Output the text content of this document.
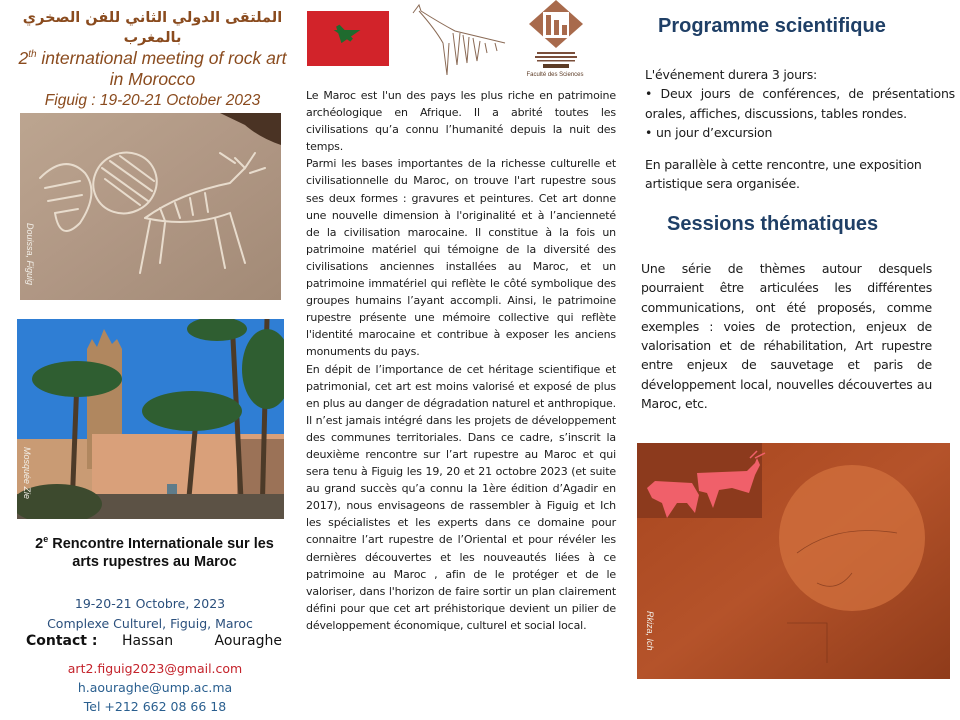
الملتقى الدولي الثاني للفن الصخري بالمغرب
2th international meeting of rock art
in Morocco
Figuig : 19-20-21 October 2023
Douissa, Figuig
Mosquée Zie
2e Rencontre Internationale sur les
arts rupestres au Maroc
19-20-21 Octobre, 2023
Complexe Culturel, Figuig, Maroc
Contact :	Hassan	Aouraghe
art2.figuig2023@gmail.com
h.aouraghe@ump.ac.ma
Tel +212 662 08 66 18
Faculté des Sciences

Le Maroc est l'un des pays les plus riche en patrimoine archéologique en Afrique. Il a abrité toutes les civilisations qu’a connu l’humanité depuis la nuit des temps.

Parmi les bases importantes de la richesse culturelle et civilisationnelle du Maroc, on trouve l'art rupestre sous ses deux formes : gravures et peintures. Cet art donne une nouvelle dimension à l'originalité et à l’ancienneté de la civilisation marocaine. Il constitue à la fois un patrimoine matériel qui témoigne de la diversité des civilisations anciennes installées au Maroc, et un patrimoine immatériel qui reflète le côté symbolique des groupes humains l’ayant accompli. Ainsi, le patrimoine rupestre présente une mémoire collective qui reflète l'identité marocaine et contribue à exposer les anciens monuments du pays.

En dépit de l’importance de cet héritage scientifique et patrimonial, cet art est moins valorisé et exposé de plus en plus au danger de dégradation naturel et anthropique. Il n’est jamais intégré dans les projets de développement des communes territoriales. Dans ce cadre, s’inscrit la deuxième rencontre sur l’art rupestre au Maroc et qui sera tenu à Figuig les 19, 20 et 21 octobre 2023 (et suite au grand succès qu’a connu la 1ère édition d’Agadir en 2017), nous envisageons de rassembler à Figuig et Ich les spécialistes et les experts dans ce domaine pour connaitre l’art rupestre de l’Oriental et pour révéler les dernières découvertes et les nouveautés liées à ce patrimoine au Maroc , afin de le protéger et de le valoriser, dans l'horizon de faire sortir un plan clairement défini pour que cet art préhistorique devient un pilier de développement économique, culturel et social local.

Programme scientifique
L'événement durera 3 jours:
• Deux jours de conférences, de présentations orales, affiches, discussions, tables rondes.
• un jour d’excursion
En parallèle à cette rencontre, une exposition artistique sera organisée.
Sessions thématiques
Une série de thèmes autour desquels pourraient être articulées les différentes communications, ont été proposés, comme exemples : voies de protection, enjeux de valorisation et de réhabilitation, Art rupestre entre enjeux de sauvetage et paris de développement local, nouvelles découvertes au Maroc, etc.
Rkiza, Ich
